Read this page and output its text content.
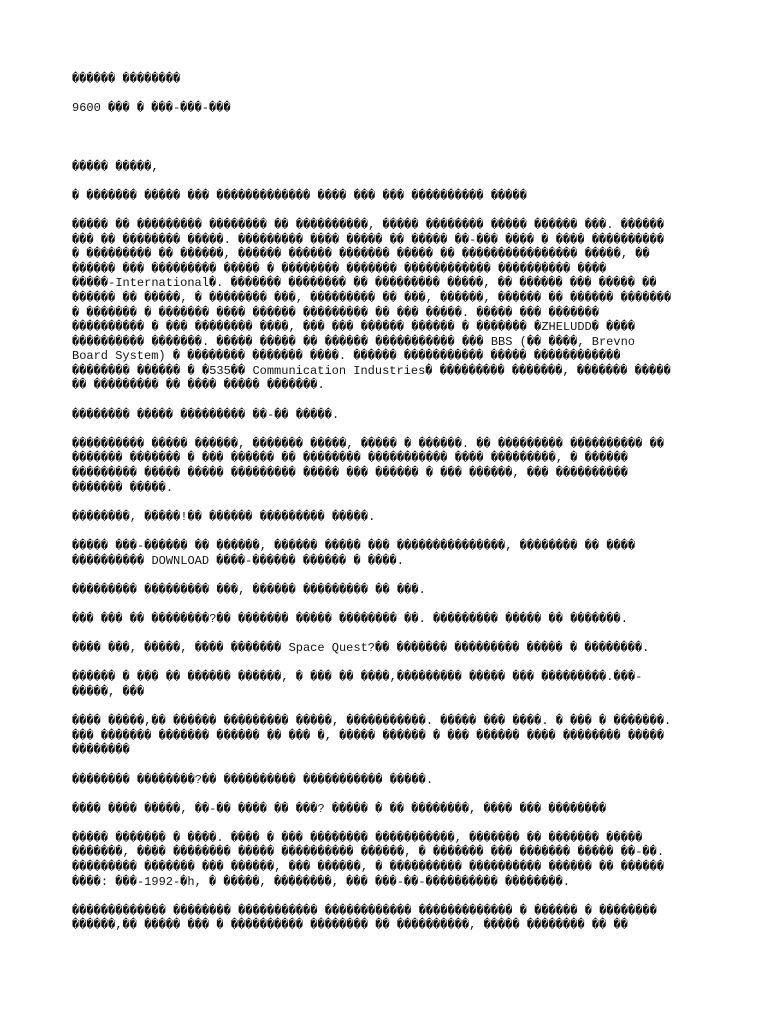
������ ��������

9600 ��� � ���-���-���

����� �����,

� ������� ����� ��� ������������� ���� ��� ��� ���������� �����

����� �� ��������� �������� �� ����������, ����� �������� ����� ������ ���. ������
��� �� �������� �����. ��������� ���� ����� �� ����� ��-��� ���� � ���� ����������
� ��������� �� ������, ������ ������ ������� ����� �� ���������������� �����, ��
������ ��� ��������� ����� � �������� ������� ������������ ���������� ����
�����-International�. ������� �������� �� ��������� �����, �� ������ ��� ����� ��
������ �� �����, � �������� ���, ��������� �� ���, ������, ������ �� ������ �������
� ������� � ������� ���� ������ ��������� �� ��� �����. ����� ��� �������
���������� � ��� �������� ����, ��� ��� ������ ������ � ������� �ZHELUDD� ����
���������� �������. ����� ����� �� ������ ����������� ��� BBS (�� ����, Brevno
Board System) � �������� ������� ����. ������ ����������� ����� ������������
�������� ������ � �535�� Communication Industries� ��������� �������, ������� �����
�� ��������� �� ���� ����� �������.

�������� ����� ��������� ��-�� �����.

���������� ����� ������, ������� �����, ����� � ������. �� ��������� ���������� ��
������� ������� � ��� ������ �� �������� ����������� ���� ���������, � ������
��������� ����� ����� ��������� ����� ��� ������ � ��� ������, ��� ����������
������� �����.

��������, �����!�� ������ ��������� �����.

����� ���-������ �� ������, ������ ����� ��� ���������������, �������� �� ����
���������� DOWNLOAD ����-������ ������ � ����.

��������� ��������� ���, ������ ��������� �� ���.

��� ��� �� ��������?�� ������� ����� �������� ��. ��������� ����� �� �������.

���� ���, �����, ���� ������� Space Quest?�� ������� ��������� ����� � ��������.

������ � ��� �� ������ ������, � ��� �� ����,��������� ����� ��� ���������.���-
�����, ���

���� �����,�� ������ ��������� �����, �����������. ����� ��� ����. � ��� � �������.
��� ������� ������� ������ �� ��� �, ����� ������ � ��� ������ ���� �������� �����
��������

�������� ��������?�� ���������� ����������� �����.

���� ���� �����, ��-�� ���� �� ���? ����� � �� ��������, ���� ��� ��������

����� ������� � ����. ���� � ��� �������� �����������, ������� �� ������� �����
�������, ���� �������� ����� ���������� ������, � ������� ��� ������� ����� ��-��.
��������� ������� ��� ������, ��� ������, � ���������� ���������� ������ �� ������
����: ���-1992-�h, � �����, ��������, ��� ���-��-���������� ��������.

������������� �������� ����������� ������������ ������������� � ������ � ��������
������,�� ����� ��� � ���������� �������� �� ����������, ����� �������� �� ��
